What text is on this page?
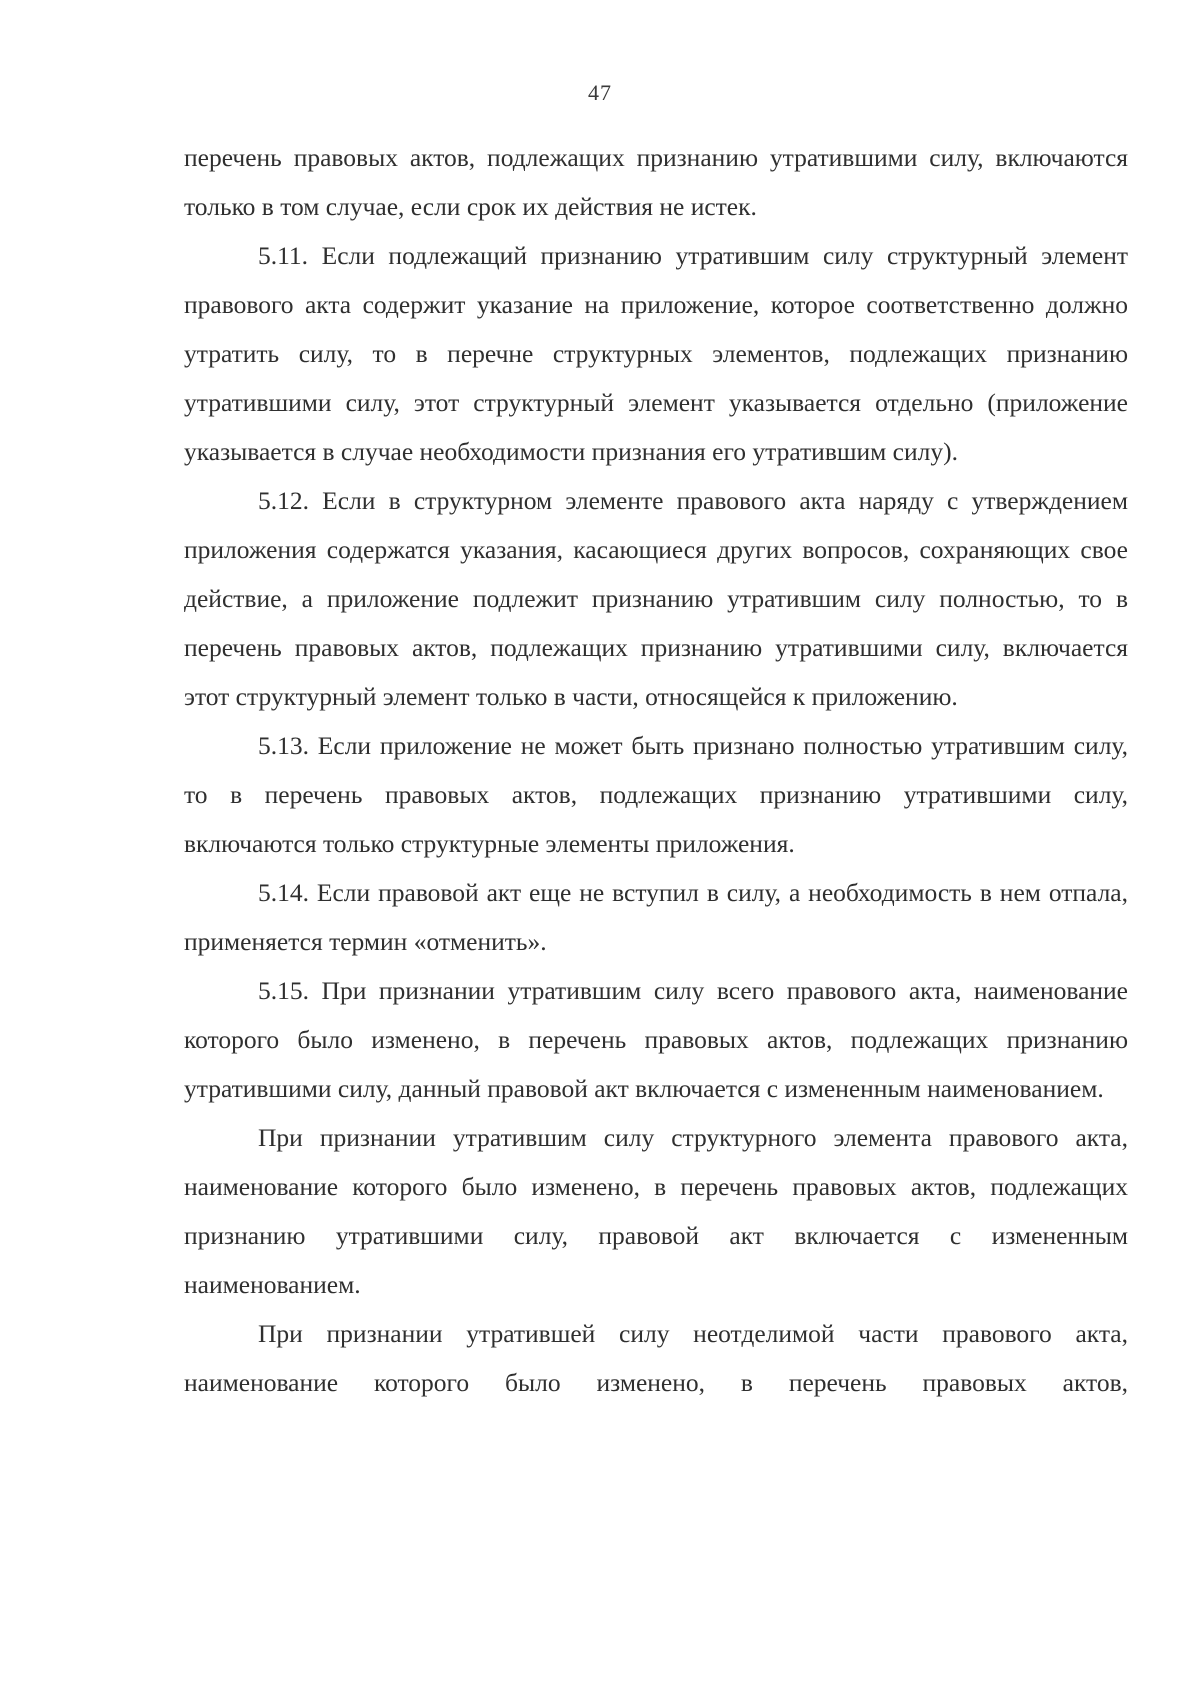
47

перечень правовых актов, подлежащих признанию утратившими силу, включаются только в том случае, если срок их действия не истек.

5.11. Если подлежащий признанию утратившим силу структурный элемент правового акта содержит указание на приложение, которое соответственно должно утратить силу, то в перечне структурных элементов, подлежащих признанию утратившими силу, этот структурный элемент указывается отдельно (приложение указывается в случае необходимости признания его утратившим силу).

5.12. Если в структурном элементе правового акта наряду с утверждением приложения содержатся указания, касающиеся других вопросов, сохраняющих свое действие, а приложение подлежит признанию утратившим силу полностью, то в перечень правовых актов, подлежащих признанию утратившими силу, включается этот структурный элемент только в части, относящейся к приложению.

5.13. Если приложение не может быть признано полностью утратившим силу, то в перечень правовых актов, подлежащих признанию утратившими силу, включаются только структурные элементы приложения.

5.14. Если правовой акт еще не вступил в силу, а необходимость в нем отпала, применяется термин «отменить».

5.15. При признании утратившим силу всего правового акта, наименование которого было изменено, в перечень правовых актов, подлежащих признанию утратившими силу, данный правовой акт включается с измененным наименованием.

При признании утратившим силу структурного элемента правового акта, наименование которого было изменено, в перечень правовых актов, подлежащих признанию утратившими силу, правовой акт включается с измененным наименованием.

При признании утратившей силу неотделимой части правового акта, наименование которого было изменено, в перечень правовых актов,
